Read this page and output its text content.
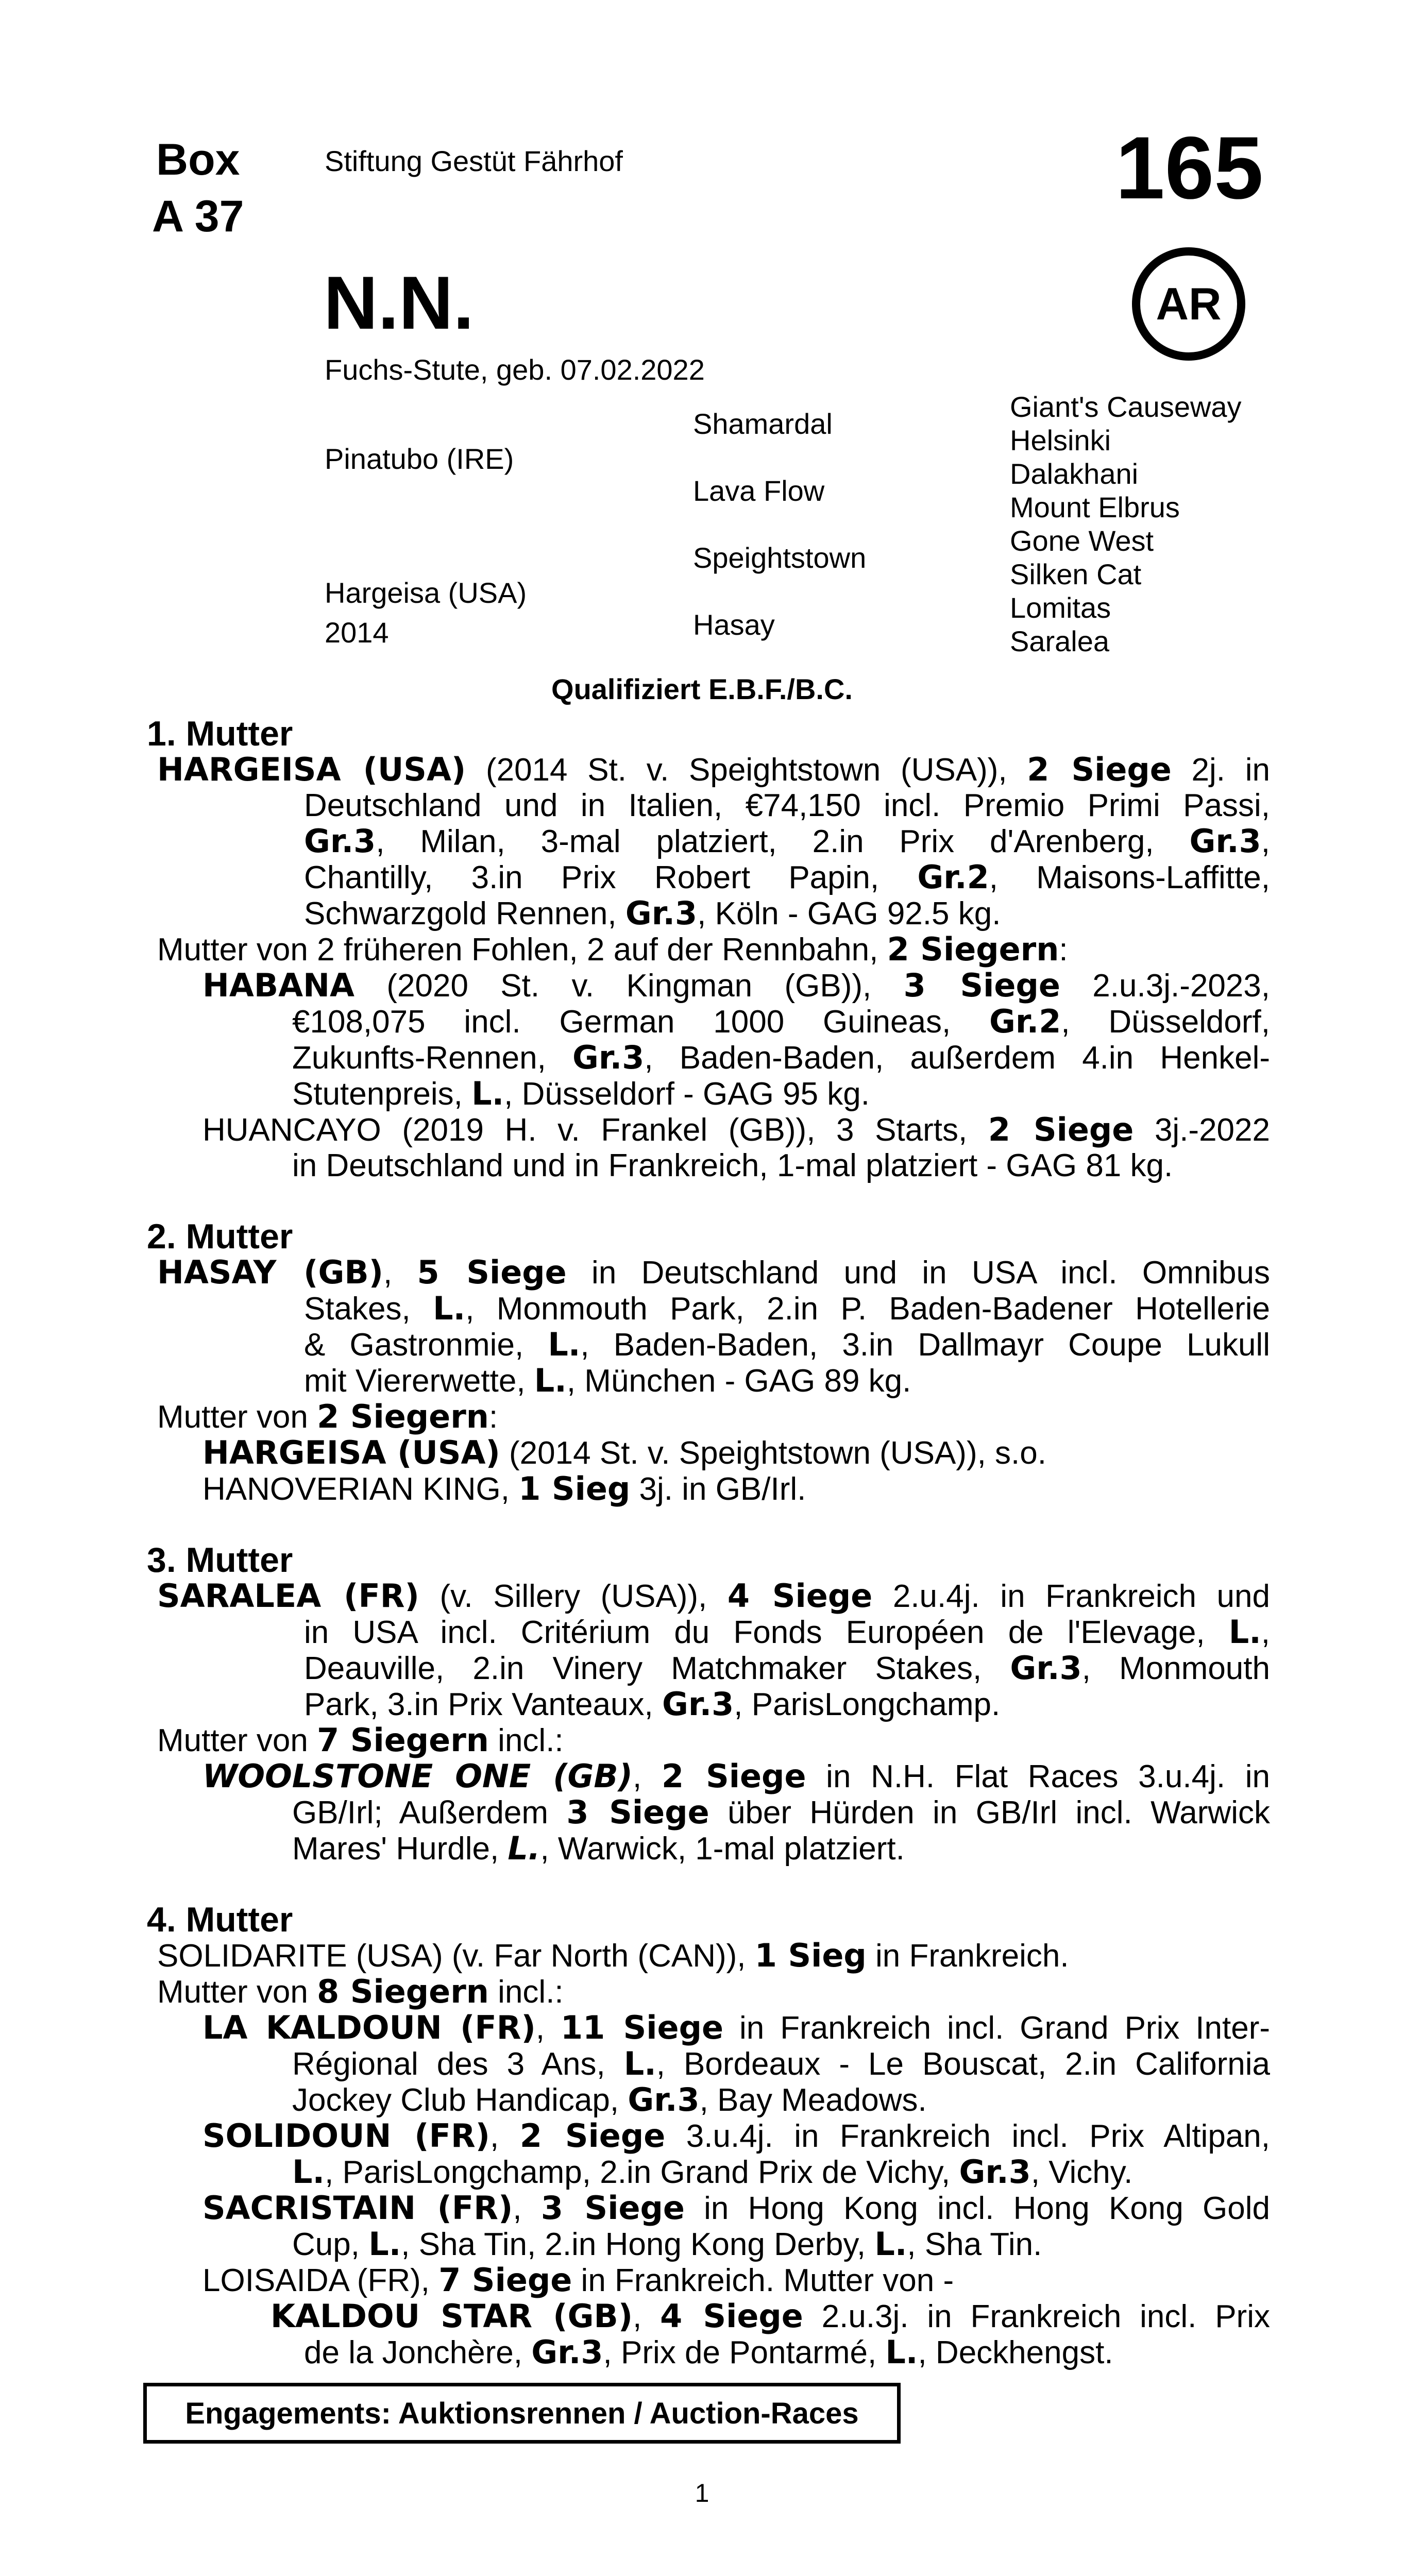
Box
A 37
Stiftung Gestüt Fährhof	165
AR
N.N.
Fuchs-Stute, geb. 07.02.2022
Pinatubo (IRE)
Hargeisa (USA)
2014
Shamardal
Lava Flow
Speightstown
Hasay
Giant's Causeway
Helsinki
Dalakhani
Mount Elbrus
Gone West
Silken Cat
Lomitas
Saralea
Qualifiziert E.B.F./B.C.
1. Mutter
HARGEISA (USA) (2014 St. v. Speightstown (USA)), 2 Siege 2j. in
Deutschland und in Italien, €74,150 incl. Premio Primi Passi,
Gr.3, Milan, 3-mal platziert, 2.in Prix d'Arenberg, Gr.3,
Chantilly, 3.in Prix Robert Papin, Gr.2, Maisons-Laffitte,
Schwarzgold Rennen, Gr.3, Köln - GAG 92.5 kg.
Mutter von 2 früheren Fohlen, 2 auf der Rennbahn, 2 Siegern:
HABANA (2020 St. v. Kingman (GB)), 3 Siege 2.u.3j.-2023,
€108,075 incl. German 1000 Guineas, Gr.2, Düsseldorf,
Zukunfts-Rennen, Gr.3, Baden-Baden, außerdem 4.in Henkel-
Stutenpreis, L., Düsseldorf - GAG 95 kg.
HUANCAYO (2019 H. v. Frankel (GB)), 3 Starts, 2 Siege 3j.-2022
in Deutschland und in Frankreich, 1-mal platziert - GAG 81 kg.
2. Mutter
HASAY (GB), 5 Siege in Deutschland und in USA incl. Omnibus
Stakes, L., Monmouth Park, 2.in P. Baden-Badener Hotellerie
& Gastronmie, L., Baden-Baden, 3.in Dallmayr Coupe Lukull
mit Viererwette, L., München - GAG 89 kg.
Mutter von 2 Siegern:
HARGEISA (USA) (2014 St. v. Speightstown (USA)), s.o.
HANOVERIAN KING, 1 Sieg 3j. in GB/Irl.
3. Mutter
SARALEA (FR) (v. Sillery (USA)), 4 Siege 2.u.4j. in Frankreich und
in USA incl. Critérium du Fonds Européen de l'Elevage, L.,
Deauville, 2.in Vinery Matchmaker Stakes, Gr.3, Monmouth
Park, 3.in Prix Vanteaux, Gr.3, ParisLongchamp.
Mutter von 7 Siegern incl.:
WOOLSTONE ONE (GB), 2 Siege in N.H. Flat Races 3.u.4j. in
GB/Irl; Außerdem 3 Siege über Hürden in GB/Irl incl. Warwick
Mares' Hurdle, L., Warwick, 1-mal platziert.
4. Mutter
SOLIDARITE (USA) (v. Far North (CAN)), 1 Sieg in Frankreich.
Mutter von 8 Siegern incl.:
LA KALDOUN (FR), 11 Siege in Frankreich incl. Grand Prix Inter-
Régional des 3 Ans, L., Bordeaux - Le Bouscat, 2.in California
Jockey Club Handicap, Gr.3, Bay Meadows.
SOLIDOUN (FR), 2 Siege 3.u.4j. in Frankreich incl. Prix Altipan,
L., ParisLongchamp, 2.in Grand Prix de Vichy, Gr.3, Vichy.
SACRISTAIN (FR), 3 Siege in Hong Kong incl. Hong Kong Gold
Cup, L., Sha Tin, 2.in Hong Kong Derby, L., Sha Tin.
LOISAIDA (FR), 7 Siege in Frankreich. Mutter von -
KALDOU STAR (GB), 4 Siege 2.u.3j. in Frankreich incl. Prix
de la Jonchère, Gr.3, Prix de Pontarmé, L., Deckhengst.
Engagements: Auktionsrennen / Auction-Races
1
